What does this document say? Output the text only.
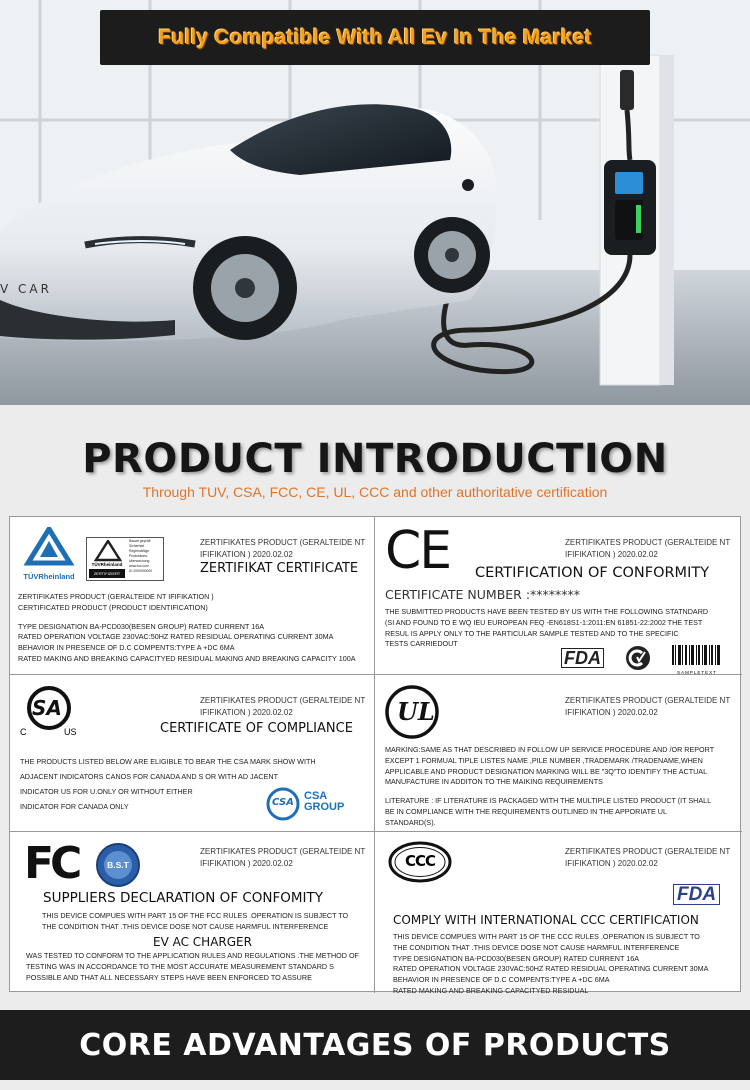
Fully Compatible With All Ev In The Market
V CAR
PRODUCT INTRODUCTION
Through TUV, CSA, FCC, CE, UL, CCC and other authoritative certification
TÜVRheinland
TÜVRheinland
ZERTIFIZIERT
Bauart geprüft
Sicherheit
Regelmäßige
Produktions-
überwachung
www.tuv.com
ID 2000000000
ZERTIFIKATES PRODUCT (GERALTEIDE NT
IFIFIKATION ) 2020.02.02
ZERTIFIKAT CERTIFICATE
ZERTIFIKATES PRODUCT (GERALTEIDE NT IFIFIKATION )
CERTIFICATED PRODUCT (PRODUCT IDENTIFICATION)
TYPE DESIGNATION BA-PCD030(BESEN GROUP) RATED CURRENT 16A
RATED OPERATION VOLTAGE 230VAC:50HZ RATED RESIDUAL OPERATING CURRENT 30MA
BEHAVIOR IN PRESENCE OF D.C COMPENTS:TYPE A +DC 6MA
RATED MAKING AND BREAKING CAPACITYED RESIDUAL MAKING AND BREAKING CAPACITY 100A
CE	ZERTIFIKATES PRODUCT (GERALTEIDE NT
IFIFIKATION ) 2020.02.02
CERTIFICATION OF CONFORMITY
CERTIFICATE NUMBER :********
THE SUBMITTED PRODUCTS HAVE BEEN TESTED BY US WITH THE FOLLOWING STATNDARD
(SI AND FOUND TO E WQ IEU EUROPEAN FEQ -EN618S1-1:2011:EN 61851-22:2002 THE TEST
RESUL IS APPLY ONLY TO THE PARTICULAR SAMPLE TESTED AND TO THE SPECIFIC
TESTS CARRIEDOUT
FDA
SAMPLETEXT
SA
C	US
ZERTIFIKATES PRODUCT (GERALTEIDE NT
IFIFIKATION ) 2020.02.02
CERTIFICATE OF COMPLIANCE
THE PRODUCTS LISTED BELOW ARE ELIGIBLE TO BEAR THE CSA MARK SHOW WITH
ADJACENT INDICATORS CANOS FOR CANADA AND S OR WITH AD JACENT
INDICATOR US FOR U.ONLY OR WITHOUT EITHER
INDICATOR FOR CANADA ONLY	CSA
CSA
GROUP
UL	ZERTIFIKATES PRODUCT (GERALTEIDE NT
IFIFIKATION ) 2020.02.02
MARKING:SAME AS THAT DESCRIBED IN FOLLOW UP SERVICE PROCEDURE AND /OR REPORT
EXCEPT 1 FORMUAL TIPLE LISTES NAME ,PILE NUMBER ,TRADEMARK /TRADENAME,WHEN
APPLICABLE AND PRODUCT DESIGNATION MARKING WILL BE "3Q"TO IDENTIFY THE ACTUAL
MANUFACTURE IN ADDITON TO THE MAIKING REQUIREMENTS
LITERATURE : IF LITERATURE IS PACKAGED WITH THE MULTIPLE LISTED PRODUCT (IT SHALL
BE IN COMPLIANCE WITH THE REQUIREMENTS OUTLINED IN THE APPORIATE UL
STANDARD(S).
FC	B.S.T
ZERTIFIKATES PRODUCT (GERALTEIDE NT
IFIFIKATION ) 2020.02.02
SUPPLIERS DECLARATION OF CONFOMITY
THIS DEVICE COMPUES WITH PART 15 OF THE FCC RULES .OPERATION IS SUBJECT TO
THE CONDITION THAT .THIS DEVICE DOSE NOT CAUSE HARMFUL INTERFERENCE
EV AC CHARGER
WAS TESTED TO CONFORM TO THE APPLICATION RULES AND REGULATIONS .THE METHOD OF
TESTING WAS IN ACCORDANCE TO THE MOST ACCURATE MEASUREMENT STANDARD S
POSSIBLE AND THAT ALL NECESSARY STEPS HAVE BEEN ENFORCED TO ASSURE
CCC
ZERTIFIKATES PRODUCT (GERALTEIDE NT
IFIFIKATION ) 2020.02.02
FDA
COMPLY WITH INTERNATIONAL CCC CERTIFICATION
THIS DEVICE COMPUES WITH PART 15 OF THE CCC RULES .OPERATION IS SUBJECT TO
THE CONDITION THAT .THIS DEVICE DOSE NOT CAUSE HARMFUL INTERFERENCE
TYPE DESIGNATION BA-PCD030(BESEN GROUP) RATED CURRENT 16A
RATED OPERATION VOLTAGE 230VAC:50HZ RATED RESIDUAL OPERATING CURRENT 30MA
BEHAVIOR IN PRESENCE OF D.C COMPENTS:TYPE A +DC 6MA
RATED MAKING AND BREAKING CAPACITYED RESIDUAL
CORE ADVANTAGES OF PRODUCTS
